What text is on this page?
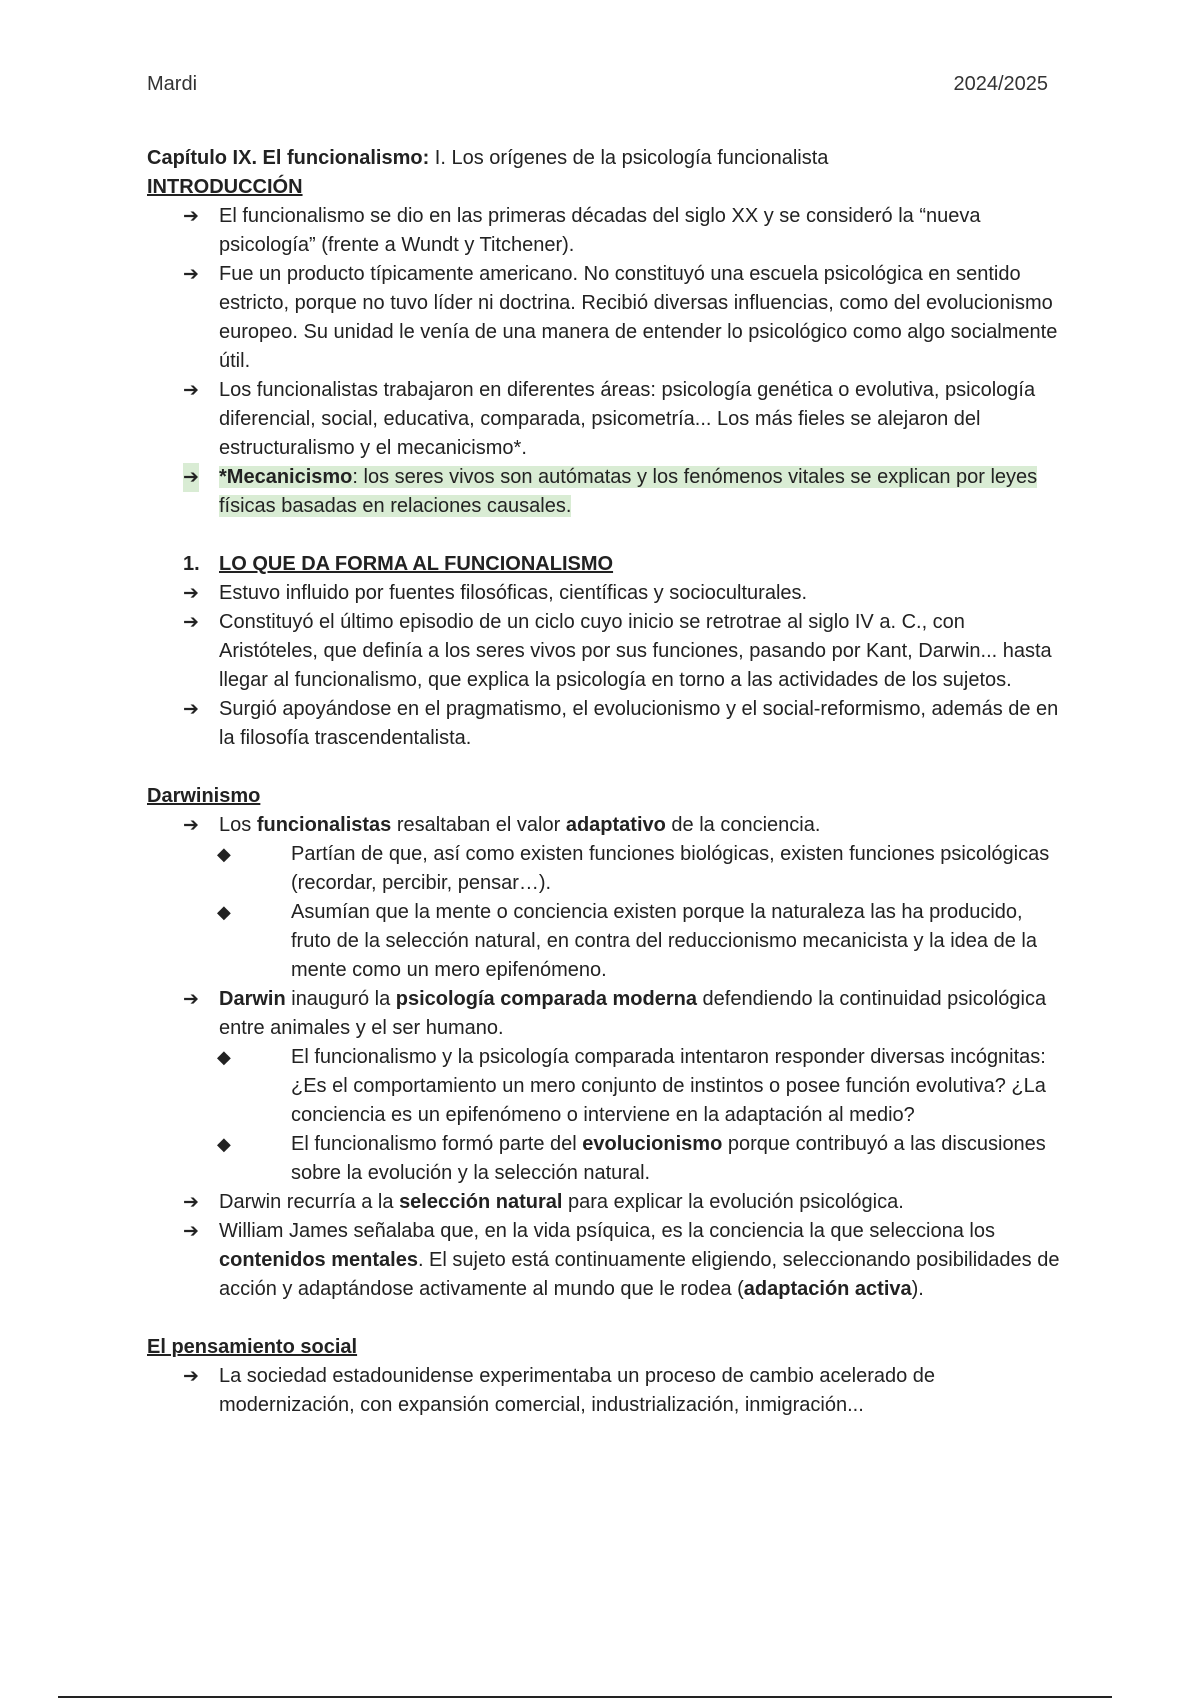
Mardi	2024/2025

Capítulo IX. El funcionalismo: I. Los orígenes de la psicología funcionalista

INTRODUCCIÓN

➔ El funcionalismo se dio en las primeras décadas del siglo XX y se consideró la “nueva psicología” (frente a Wundt y Titchener).
➔ Fue un producto típicamente americano. No constituyó una escuela psicológica en sentido estricto, porque no tuvo líder ni doctrina. Recibió diversas influencias, como del evolucionismo europeo. Su unidad le venía de una manera de entender lo psicológico como algo socialmente útil.
➔ Los funcionalistas trabajaron en diferentes áreas: psicología genética o evolutiva, psicología diferencial, social, educativa, comparada, psicometría... Los más fieles se alejaron del estructuralismo y el mecanicismo*.
➔ *Mecanicismo: los seres vivos son autómatas y los fenómenos vitales se explican por leyes físicas basadas en relaciones causales.

1. LO QUE DA FORMA AL FUNCIONALISMO

➔ Estuvo influido por fuentes filosóficas, científicas y socioculturales.
➔ Constituyó el último episodio de un ciclo cuyo inicio se retrotrae al siglo IV a. C., con Aristóteles, que definía a los seres vivos por sus funciones, pasando por Kant, Darwin... hasta llegar al funcionalismo, que explica la psicología en torno a las actividades de los sujetos.
➔ Surgió apoyándose en el pragmatismo, el evolucionismo y el social-reformismo, además de en la filosofía trascendentalista.

Darwinismo

➔ Los funcionalistas resaltaban el valor adaptativo de la conciencia.
◆	Partían de que, así como existen funciones biológicas, existen funciones psicológicas (recordar, percibir, pensar…).
◆	Asumían que la mente o conciencia existen porque la naturaleza las ha producido, fruto de la selección natural, en contra del reduccionismo mecanicista y la idea de la mente como un mero epifenómeno.
➔ Darwin inauguró la psicología comparada moderna defendiendo la continuidad psicológica entre animales y el ser humano.
◆	El funcionalismo y la psicología comparada intentaron responder diversas incógnitas: ¿Es el comportamiento un mero conjunto de instintos o posee función evolutiva? ¿La conciencia es un epifenómeno o interviene en la adaptación al medio?
◆	El funcionalismo formó parte del evolucionismo porque contribuyó a las discusiones sobre la evolución y la selección natural.
➔ Darwin recurría a la selección natural para explicar la evolución psicológica.
➔ William James señalaba que, en la vida psíquica, es la conciencia la que selecciona los contenidos mentales. El sujeto está continuamente eligiendo, seleccionando posibilidades de acción y adaptándose activamente al mundo que le rodea (adaptación activa).

El pensamiento social

➔ La sociedad estadounidense experimentaba un proceso de cambio acelerado de modernización, con expansión comercial, industrialización, inmigración...
